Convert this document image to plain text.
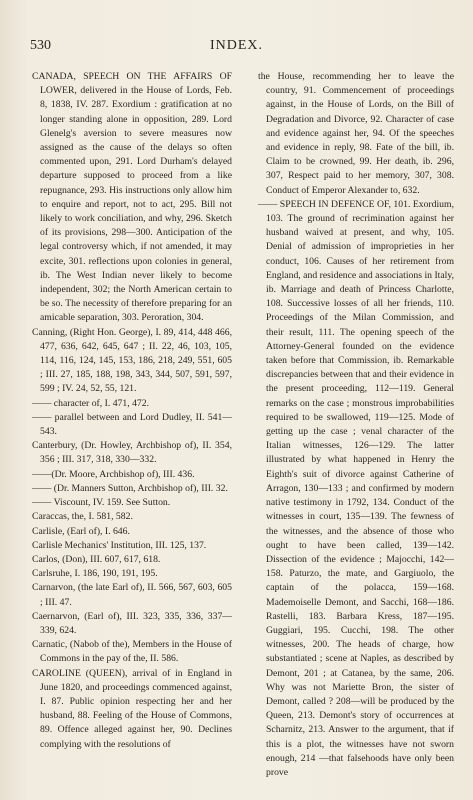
530	INDEX.

CANADA, SPEECH ON THE AFFAIRS OF LOWER, delivered in the House of Lords, Feb. 8, 1838, IV. 287. Exordium : gratification at no longer standing alone in opposition, 289. Lord Glenelg's aversion to severe measures now assigned as the cause of the delays so often commented upon, 291. Lord Durham's delayed departure supposed to proceed from a like repugnance, 293. His instructions only allow him to enquire and report, not to act, 295. Bill not likely to work conciliation, and why, 296. Sketch of its provisions, 298—300. Anticipation of the legal controversy which, if not amended, it may excite, 301. reflections upon colonies in general, ib. The West Indian never likely to become independent, 302; the North American certain to be so. The necessity of therefore preparing for an amicable separation, 303. Peroration, 304.

Canning, (Right Hon. George), I. 89, 414, 448 466, 477, 636, 642, 645, 647 ; II. 22, 46, 103, 105, 114, 116, 124, 145, 153, 186, 218, 249, 551, 605 ; III. 27, 185, 188, 198, 343, 344, 507, 591, 597, 599 ; IV. 24, 52, 55, 121.

—— character of, I. 471, 472.

—— parallel between and Lord Dudley, II. 541—543.

Canterbury, (Dr. Howley, Archbishop of), II. 354, 356 ; III. 317, 318, 330—332.

——(Dr. Moore, Archbishop of), III. 436.

—— (Dr. Manners Sutton, Archbishop of), III. 32.

—— Viscount, IV. 159. See Sutton.

Caraccas, the, I. 581, 582.

Carlisle, (Earl of), I. 646.

Carlisle Mechanics' Institution, III. 125, 137.

Carlos, (Don), III. 607, 617, 618.

Carlsruhe, I. 186, 190, 191, 195.

Carnarvon, (the late Earl of), II. 566, 567, 603, 605 ; III. 47.

Caernarvon, (Earl of), III. 323, 335, 336, 337—339, 624.

Carnatic, (Nabob of the), Members in the House of Commons in the pay of the, II. 586.

CAROLINE (QUEEN), arrival of in England in June 1820, and proceedings commenced against, I. 87. Public opinion respecting her and her husband, 88. Feeling of the House of Commons, 89. Offence alleged against her, 90. Declines complying with the resolutions of

the House, recommending her to leave the country, 91. Commencement of proceedings against, in the House of Lords, on the Bill of Degradation and Divorce, 92. Character of case and evidence against her, 94. Of the speeches and evidence in reply, 98. Fate of the bill, ib. Claim to be crowned, 99. Her death, ib. 296, 307, Respect paid to her memory, 307, 308. Conduct of Emperor Alexander to, 632.

—— SPEECH IN DEFENCE OF, 101. Exordium, 103. The ground of recrimination against her husband waived at present, and why, 105. Denial of admission of improprieties in her conduct, 106. Causes of her retirement from England, and residence and associations in Italy, ib. Marriage and death of Princess Charlotte, 108. Successive losses of all her friends, 110. Proceedings of the Milan Commission, and their result, 111. The opening speech of the Attorney-General founded on the evidence taken before that Commission, ib. Remarkable discrepancies between that and their evidence in the present proceeding, 112—119. General remarks on the case ; monstrous improbabilities required to be swallowed, 119—125. Mode of getting up the case ; venal character of the Italian witnesses, 126—129. The latter illustrated by what happened in Henry the Eighth's suit of divorce against Catherine of Arragon, 130—133 ; and confirmed by modern native testimony in 1792, 134. Conduct of the witnesses in court, 135—139. The fewness of the witnesses, and the absence of those who ought to have been called, 139—142. Dissection of the evidence ; Majocchi, 142—158. Paturzo, the mate, and Gargiuolo, the captain of the polacca, 159—168. Mademoiselle Demont, and Sacchi, 168—186. Rastelli, 183. Barbara Kress, 187—195. Guggiari, 195. Cucchi, 198. The other witnesses, 200. The heads of charge, how substantiated ; scene at Naples, as described by Demont, 201 ; at Catanea, by the same, 206. Why was not Mariette Bron, the sister of Demont, called ? 208—will be produced by the Queen, 213. Demont's story of occurrences at Scharnitz, 213. Answer to the argument, that if this is a plot, the witnesses have not sworn enough, 214 —that falsehoods have only been prove
